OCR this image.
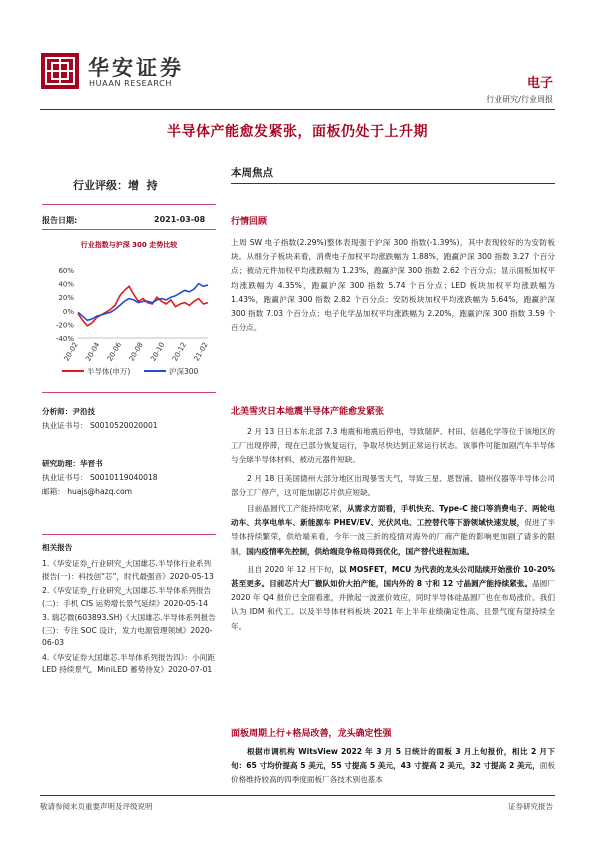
华安证券
HUAAN RESEARCH	电子
行业研究/行业周报
半导体产能愈发紧张，面板仍处于上升期
行业评级：增  持
报告日期:	2021-03-08
行业指数与沪深 300 走势比较
60%
40%
20%
0%
-20%
-40%
20-02 20-04 20-06 20-08 20-10 20-12 21-02
半导体(申万)	沪深300
分析师：尹沿技
执业证书号： S0010520020001
研究助理：华晋书
执业证书号： S0010119040018
邮箱： huajs@hazq.com
相关报告
1.《华安证券_行业研究_大国雄芯.半导体行业系列报告(一)：科技创“芯”，时代最强音》2020-05-13
2.《华安证券_行业研究_大国雄芯.半导体系列报告(二)：手机 CIS 运势增长景气延续》2020-05-14
3. 瑞芯微(603893.SH)《大国雄芯.半导体系列报告(三)：专注 SOC 设计，发力电源管理领域》2020-06-03
4.《华安证券大国雄芯.半导体系列报告四》：小间距 LED 持续景气，MiniLED 蓄势待发》2020-07-01
本周焦点
行情回顾
上周 SW 电子指数(2.29%)整体表现强于沪深 300 指数(-1.39%)，其中表现较好的为安防板块。从细分子板块来看，消费电子加权平均涨跌幅为 1.88%，跑赢沪深 300 指数 3.27 个百分点；被动元件加权平均涨跌幅为 1.23%，跑赢沪深 300 指数 2.62 个百分点；显示面板加权平均涨跌幅为 4.35%，跑赢沪深 300 指数 5.74 个百分点；LED 板块加权平均涨跌幅为 1.43%，跑赢沪深 300 指数 2.82 个百分点；安防板块加权平均涨跌幅为 5.64%，跑赢沪深 300 指数 7.03 个百分点；电子化学品加权平均涨跌幅为 2.20%，跑赢沪深 300 指数 3.59 个百分点。
北美雪灾日本地震半导体产能愈发紧张
2 月 13 日日本东北部 7.3 地震和地震后停电，导致瑞萨、村田、信越化学等位于该地区的工厂出现停滞，现在已部分恢复运行，争取尽快达到正常运行状态。该事件可能加剧汽车半导体与全球半导体材料、被动元器件短缺。
2 月 18 日美国德州大部分地区出现暴雪天气，导致三星、恩智浦、德州仪器等半导体公司部分工厂停产，这可能加剧芯片供应短缺。
目前晶圆代工产能持续吃紧，从需求方面看，手机快充、Type-C 接口等消费电子、两轮电动车、共享电单车、新能源车 PHEV/EV、光伏风电、工控替代等下游领域快速发展，促进了半导体持续繁荣，供给端来看，今年一波三折的疫情对海外的厂商产能的影响更加剧了请多的限制，国内疫情率先控制，供给端竞争格局得到优化，国产替代进程加速。
且自 2020 年 12 月下旬，以 MOSFET，MCU 为代表的龙头公司陆续开始涨价 10-20%甚至更多。目前芯片大厂撤队如价大拍产能，国内外的 8 寸和 12 寸晶圆产能持续紧张。晶圆厂 2020 年 Q4 报价已全面看涨，并掀起一波涨价效应，同时半导体硅晶圆厂也在布局涨价。我们认为 IDM 和代工、以及半导体材料板块 2021 年上半年业绩确定性高、且景气度有望持续全年。
面板周期上行+格局改善，龙头确定性强
根据市调机构 WitsView 2022 年 3 月 5 日统计的面板 3 月上旬报价，相比 2 月下旬：65 寸均价提高 5 美元，55 寸提高 5 美元，43 寸提高 2 美元，32 寸提高 2 美元，面板价格维持较高的四季度面板厂各技术别也基本
敬请参阅末页重要声明及评级说明	证券研究报告
